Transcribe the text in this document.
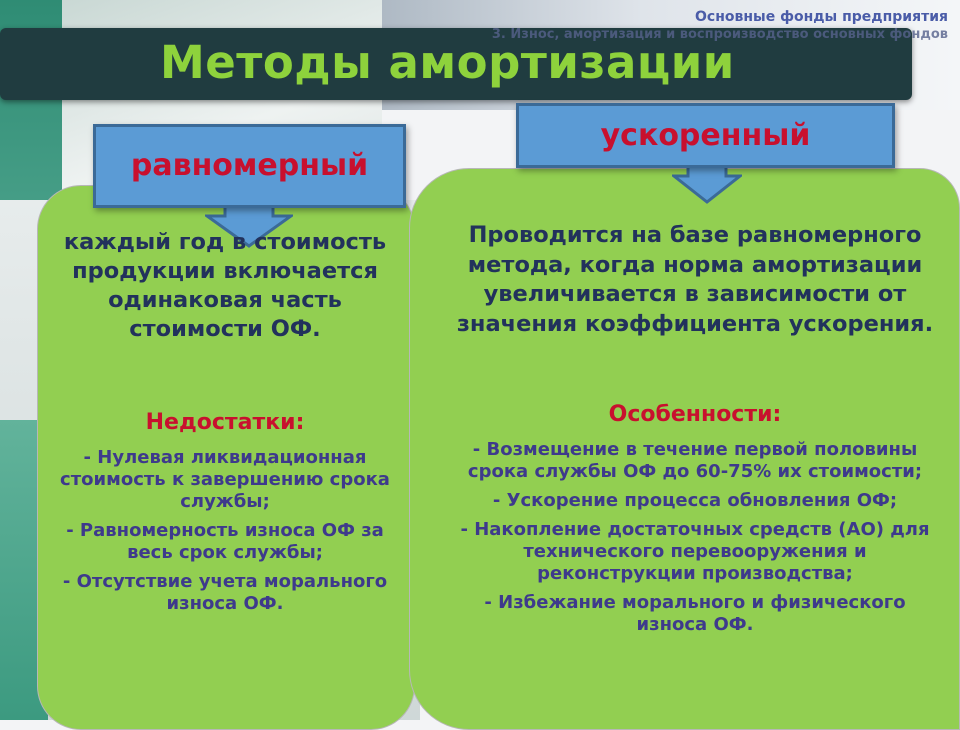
Основные фонды предприятия
3. Износ, амортизация и воспроизводство основных фондов
Методы амортизации
равномерный
ускоренный
каждый год в стоимость продукции включается одинаковая часть стоимости ОФ.
Недостатки:

- Нулевая ликвидационная стоимость к завершению срока службы;

- Равномерность износа ОФ за весь срок службы;

- Отсутствие учета морального износа ОФ.

Проводится на базе равномерного метода, когда норма амортизации увеличивается в зависимости от значения коэффициента ускорения.
Особенности:

- Возмещение в течение первой половины срока службы ОФ до 60-75% их стоимости;

- Ускорение процесса обновления ОФ;

- Накопление достаточных средств (АО) для технического перевооружения и реконструкции производства;

- Избежание морального и физического износа ОФ.
